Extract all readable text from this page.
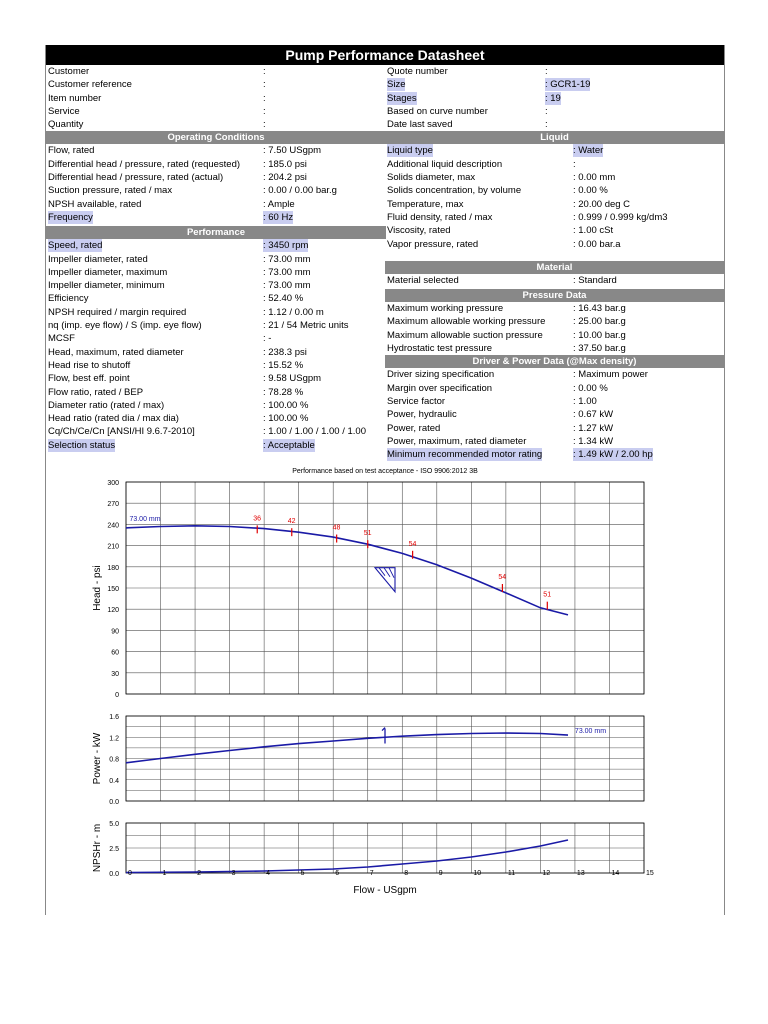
Pump Performance Datasheet
Customer	:
Customer reference	:
Item number	:
Service	:
Quantity	:
Operating Conditions
Flow, rated	: 7.50 USgpm
Differential head / pressure, rated (requested) : 185.0 psi
Differential head / pressure, rated (actual)	: 204.2 psi
Suction pressure, rated / max	: 0.00 / 0.00 bar.g
NPSH available, rated	: Ample
Frequency	: 60 Hz
Performance
Speed, rated	: 3450 rpm
Impeller diameter, rated	: 73.00 mm
Impeller diameter, maximum	: 73.00 mm
Impeller diameter, minimum	: 73.00 mm
Efficiency	: 52.40 %
NPSH required / margin required	: 1.12 / 0.00 m
nq (imp. eye flow) / S (imp. eye flow)	: 21 / 54 Metric units
MCSF	: -
Head, maximum, rated diameter	: 238.3 psi
Head rise to shutoff	: 15.52 %
Flow, best eff. point	: 9.58 USgpm
Flow ratio, rated / BEP	: 78.28 %
Diameter ratio (rated / max)	: 100.00 %
Head ratio (rated dia / max dia)	: 100.00 %
Cq/Ch/Ce/Cn [ANSI/HI 9.6.7-2010]	: 1.00 / 1.00 / 1.00 / 1.00
Selection status	: Acceptable
Quote number	:
Size	: GCR1-19
Stages	: 19
Based on curve number	:
Date last saved	:
Liquid
Liquid type	: Water
Additional liquid description	:
Solids diameter, max	: 0.00 mm
Solids concentration, by volume	: 0.00 %
Temperature, max	: 20.00 deg C
Fluid density, rated / max	: 0.999 / 0.999 kg/dm3
Viscosity, rated	: 1.00 cSt
Vapor pressure, rated	: 0.00 bar.a
Material
Material selected	: Standard
Pressure Data
Maximum working pressure	: 16.43 bar.g
Maximum allowable working pressure	: 25.00 bar.g
Maximum allowable suction pressure	: 10.00 bar.g
Hydrostatic test pressure	: 37.50 bar.g
Driver & Power Data (@Max density)
Driver sizing specification	: Maximum power
Margin over specification	: 0.00 %
Service factor	: 1.00
Power, hydraulic	: 0.67 kW
Power, rated	: 1.27 kW
Power, maximum, rated diameter	: 1.34 kW
Minimum recommended motor rating	: 1.49 kW / 2.00 hp
Performance based on test acceptance - ISO 9906:2012 3B
0
30
60
90
120
150
180
210
240
270
300
Head - psi
0.0
0.4
0.8
1.2
1.6
Power - kW
0.0
2.5
5.0
NPSHr - m
73.00 mm	36	42
48
51
54
54
51
73.00 mm
0	1	2	3	4	5	6	7	8	9	10	11	12	13	14	15
Flow - USgpm
